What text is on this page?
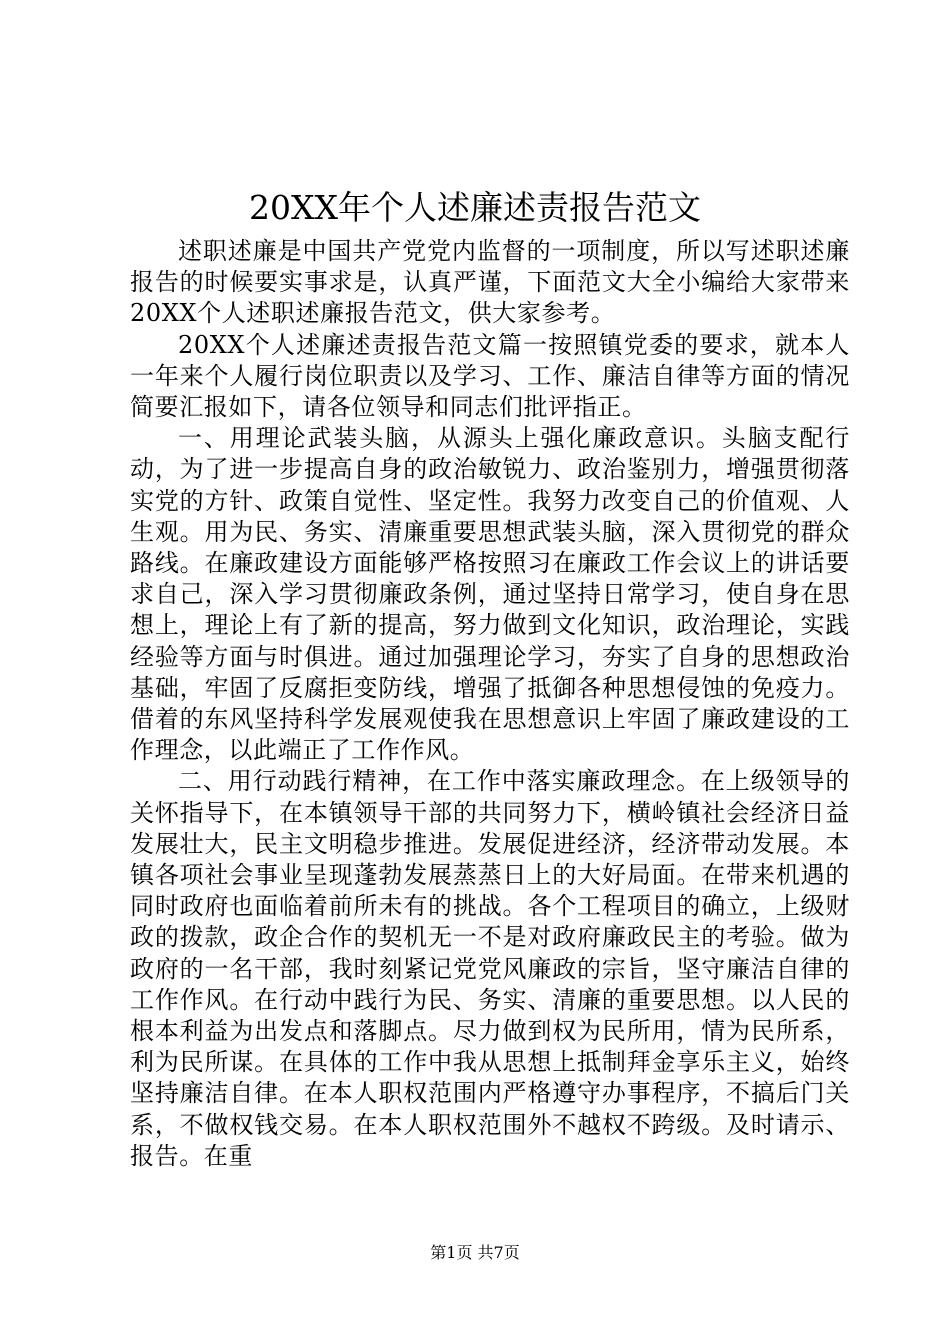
20XX年个人述廉述责报告范文

述职述廉是中国共产党党内监督的一项制度，所以写述职述廉报告的时候要实事求是，认真严谨，下面范文大全小编给大家带来20XX个人述职述廉报告范文，供大家参考。

20XX个人述廉述责报告范文篇一按照镇党委的要求，就本人一年来个人履行岗位职责以及学习、工作、廉洁自律等方面的情况简要汇报如下，请各位领导和同志们批评指正。

一、用理论武装头脑，从源头上强化廉政意识。头脑支配行动，为了进一步提高自身的政治敏锐力、政治鉴别力，增强贯彻落实党的方针、政策自觉性、坚定性。我努力改变自己的价值观、人生观。用为民、务实、清廉重要思想武装头脑，深入贯彻党的群众路线。在廉政建设方面能够严格按照习在廉政工作会议上的讲话要求自己，深入学习贯彻廉政条例，通过坚持日常学习，使自身在思想上，理论上有了新的提高，努力做到文化知识，政治理论，实践经验等方面与时俱进。通过加强理论学习，夯实了自身的思想政治基础，牢固了反腐拒变防线，增强了抵御各种思想侵蚀的免疫力。借着的东风坚持科学发展观使我在思想意识上牢固了廉政建设的工作理念，以此端正了工作作风。

二、用行动践行精神，在工作中落实廉政理念。在上级领导的关怀指导下，在本镇领导干部的共同努力下，横岭镇社会经济日益发展壮大，民主文明稳步推进。发展促进经济，经济带动发展。本镇各项社会事业呈现蓬勃发展蒸蒸日上的大好局面。在带来机遇的同时政府也面临着前所未有的挑战。各个工程项目的确立，上级财政的拨款，政企合作的契机无一不是对政府廉政民主的考验。做为政府的一名干部，我时刻紧记党党风廉政的宗旨，坚守廉洁自律的工作作风。在行动中践行为民、务实、清廉的重要思想。以人民的根本利益为出发点和落脚点。尽力做到权为民所用，情为民所系，利为民所谋。在具体的工作中我从思想上抵制拜金享乐主义，始终坚持廉洁自律。在本人职权范围内严格遵守办事程序，不搞后门关系，不做权钱交易。在本人职权范围外不越权不跨级。及时请示、报告。在重

第1页 共7页
